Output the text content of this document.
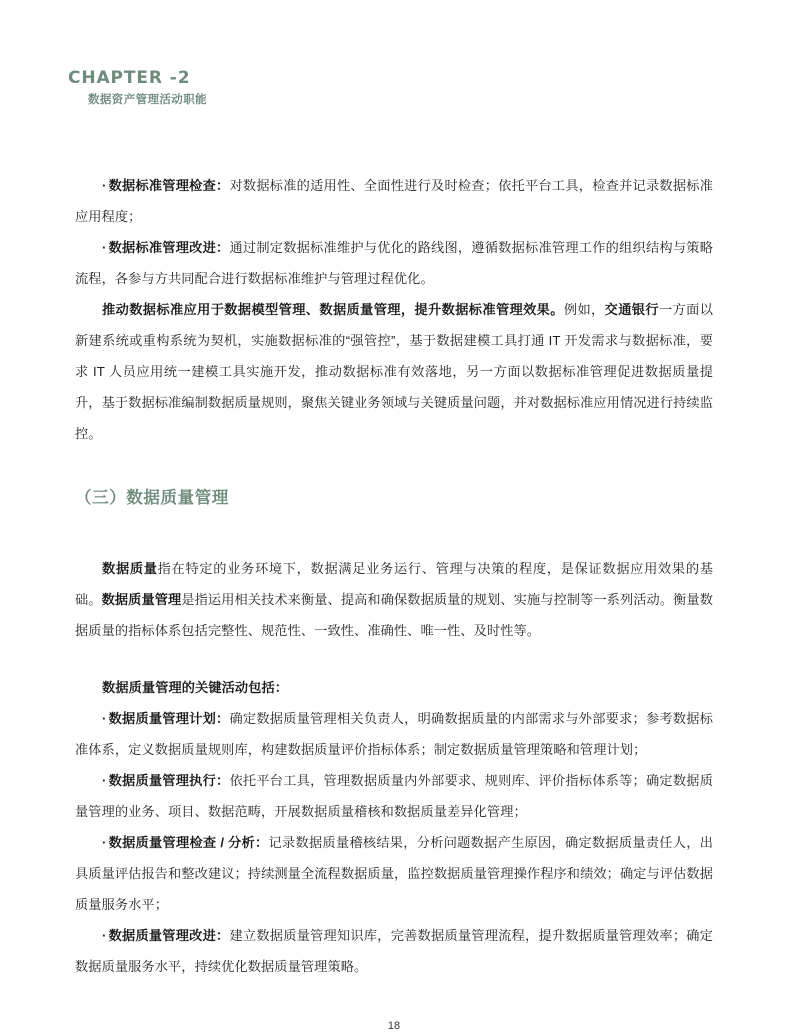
CHAPTER -2
数据资产管理活动职能

·数据标准管理检查：对数据标准的适用性、全面性进行及时检查；依托平台工具，检查并记录数据标准应用程度；

·数据标准管理改进：通过制定数据标准维护与优化的路线图，遵循数据标准管理工作的组织结构与策略流程，各参与方共同配合进行数据标准维护与管理过程优化。

推动数据标准应用于数据模型管理、数据质量管理，提升数据标准管理效果。例如，交通银行一方面以新建系统或重构系统为契机，实施数据标准的“强管控”，基于数据建模工具打通 IT 开发需求与数据标准，要求 IT 人员应用统一建模工具实施开发，推动数据标准有效落地，另一方面以数据标准管理促进数据质量提升，基于数据标准编制数据质量规则，聚焦关键业务领域与关键质量问题，并对数据标准应用情况进行持续监控。

（三）数据质量管理

数据质量指在特定的业务环境下，数据满足业务运行、管理与决策的程度，是保证数据应用效果的基础。数据质量管理是指运用相关技术来衡量、提高和确保数据质量的规划、实施与控制等一系列活动。衡量数据质量的指标体系包括完整性、规范性、一致性、准确性、唯一性、及时性等。

数据质量管理的关键活动包括：

·数据质量管理计划：确定数据质量管理相关负责人，明确数据质量的内部需求与外部要求；参考数据标准体系，定义数据质量规则库，构建数据质量评价指标体系；制定数据质量管理策略和管理计划；

·数据质量管理执行：依托平台工具，管理数据质量内外部要求、规则库、评价指标体系等；确定数据质量管理的业务、项目、数据范畴，开展数据质量稽核和数据质量差异化管理；

·数据质量管理检查 / 分析：记录数据质量稽核结果，分析问题数据产生原因，确定数据质量责任人，出具质量评估报告和整改建议；持续测量全流程数据质量，监控数据质量管理操作程序和绩效；确定与评估数据质量服务水平；

·数据质量管理改进：建立数据质量管理知识库，完善数据质量管理流程，提升数据质量管理效率；确定数据质量服务水平，持续优化数据质量管理策略。

18
